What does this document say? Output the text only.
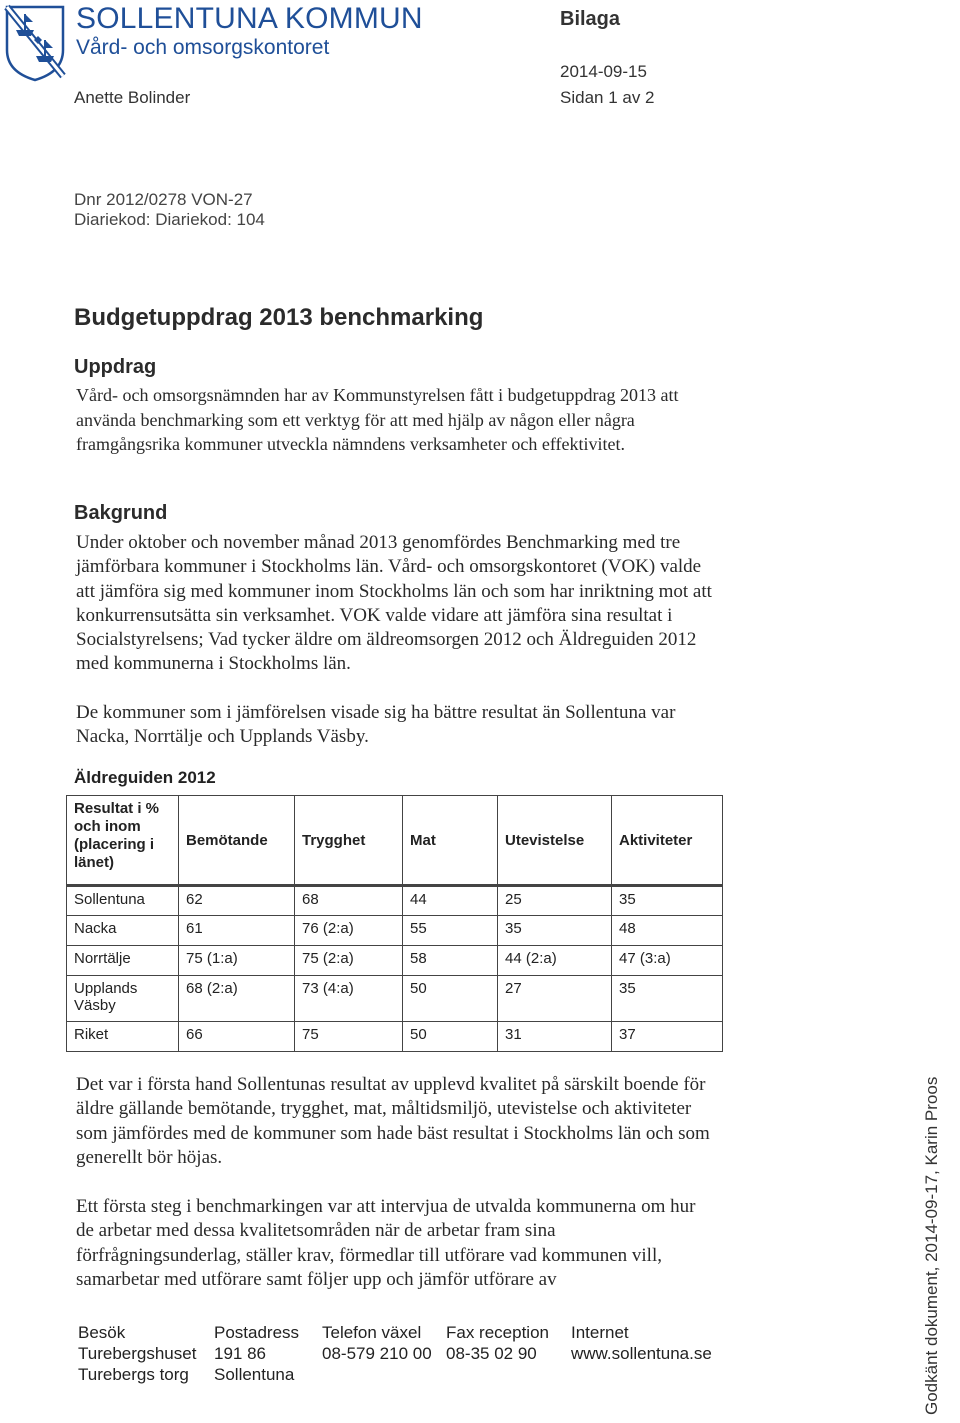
SOLLENTUNA KOMMUN
Vård- och omsorgskontoret
Anette Bolinder
Bilaga
2014-09-15
Sidan 1 av 2
Dnr 2012/0278 VON-27
Diariekod: Diariekod: 104
Budgetuppdrag 2013 benchmarking
Uppdrag
Vård- och omsorgsnämnden har av Kommunstyrelsen fått i budgetuppdrag 2013 att använda benchmarking som ett verktyg för att med hjälp av någon eller några framgångsrika kommuner utveckla nämndens verksamheter och effektivitet.
Bakgrund
Under oktober och november månad 2013 genomfördes Benchmarking med tre jämförbara kommuner i Stockholms län. Vård- och omsorgskontoret (VOK) valde att jämföra sig med kommuner inom Stockholms län och som har inriktning mot att konkurrensutsätta sin verksamhet. VOK valde vidare att jämföra sina resultat i Socialstyrelsens; Vad tycker äldre om äldreomsorgen 2012 och Äldreguiden 2012 med kommunerna i Stockholms län.
De kommuner som i jämförelsen visade sig ha bättre resultat än Sollentuna var Nacka, Norrtälje och Upplands Väsby.
Äldreguiden 2012
Resultat i % och inom (placering i länet)	Bemötande	Trygghet	Mat	Utevistelse	Aktiviteter
Sollentuna	62	68	44	25	35
Nacka	61	76 (2:a)	55	35	48
Norrtälje	75 (1:a)	75 (2:a)	58	44 (2:a)	47 (3:a)
Upplands Väsby	68 (2:a)	73 (4:a)	50	27	35
Riket	66	75	50	31	37
Det var i första hand Sollentunas resultat av upplevd kvalitet på särskilt boende för äldre gällande bemötande, trygghet, mat, måltidsmiljö, utevistelse och aktiviteter som jämfördes med de kommuner som hade bäst resultat i Stockholms län och som generellt bör höjas.
Ett första steg i benchmarkingen var att intervjua de utvalda kommunerna om hur de arbetar med dessa kvalitetsområden när de arbetar fram sina förfrågningsunderlag, ställer krav, förmedlar till utförare vad kommunen vill, samarbetar med utförare samt följer upp och jämför utförare av
Besök
Turebergshuset
Turebergs torg
Postadress
191 86
Sollentuna
Telefon växel
08-579 210 00
Fax reception
08-35 02 90
Internet
www.sollentuna.se	Godkänt dokument, 2014-09-17, Karin Proos
